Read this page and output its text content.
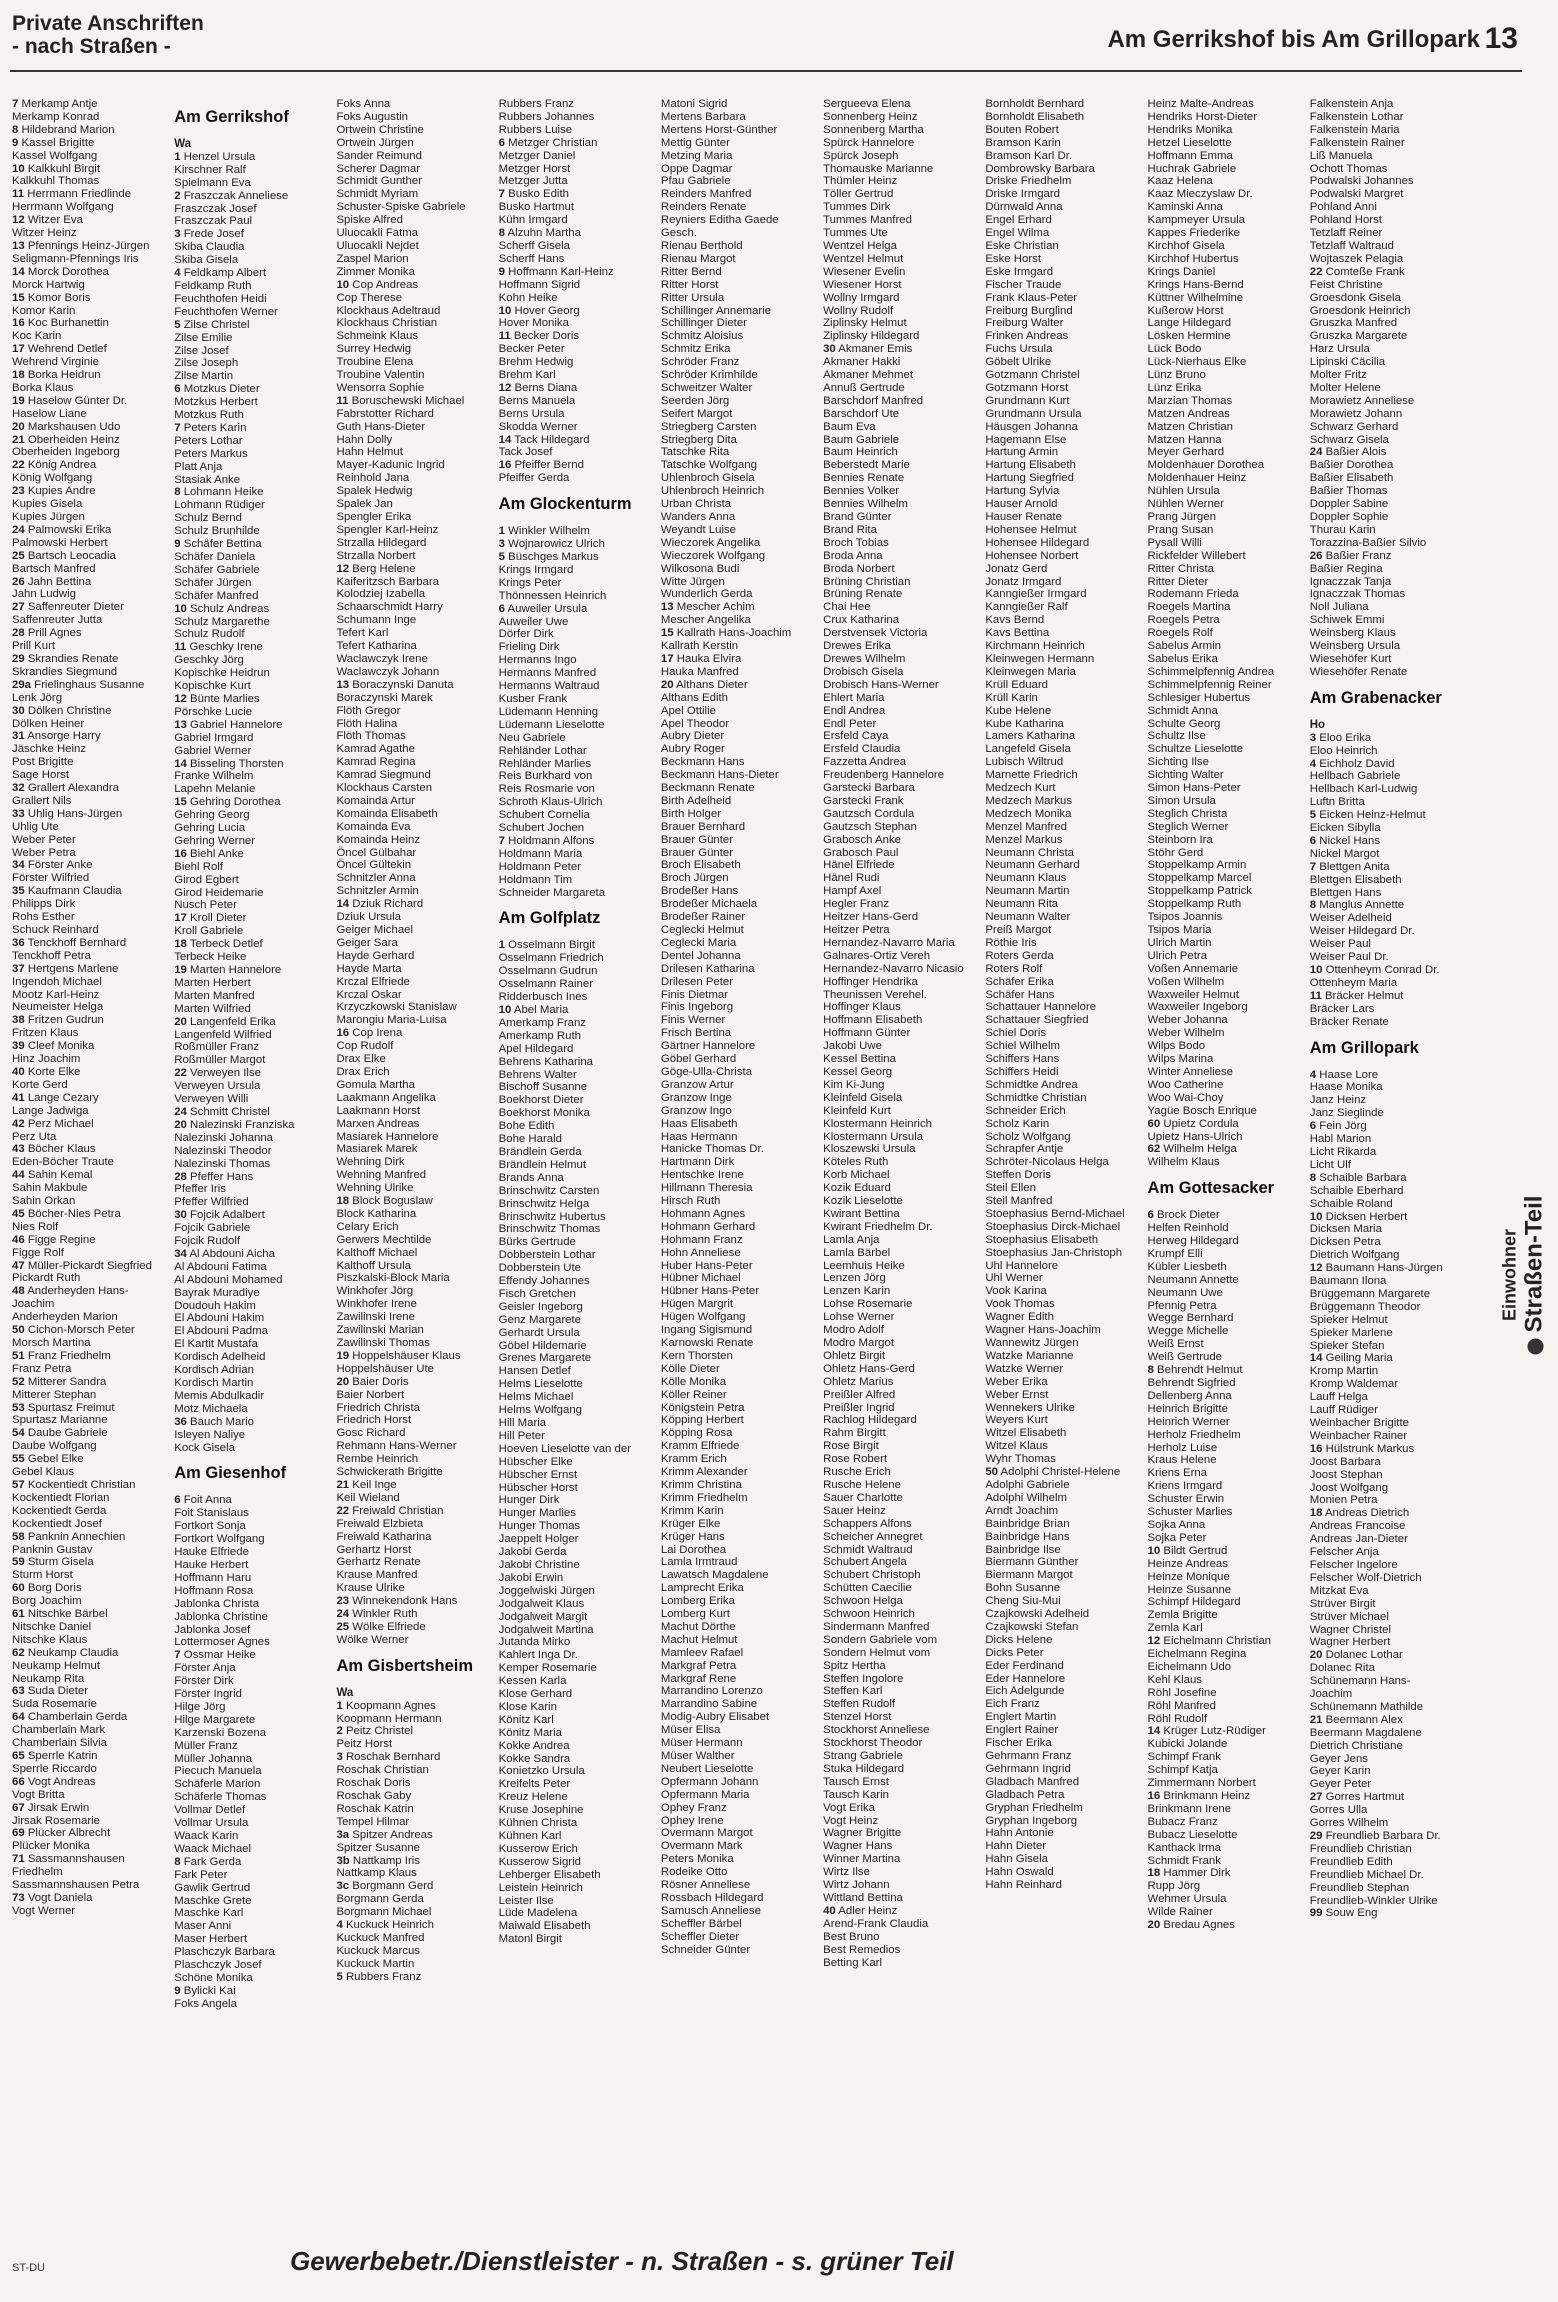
Private Anschriften
- nach Straßen -	Am Gerrikshof bis Am Grillopark 13
7 Merkamp Antje
Merkamp Konrad
8 Hildebrand Marion
9 Kassel Brigitte
Kassel Wolfgang
10 Kalkkuhl Birgit
Kalkkuhl Thomas
11 Herrmann Friedlinde
Herrmann Wolfgang
12 Witzer Eva
Witzer Heinz
13 Pfennings Heinz-Jürgen
Seligmann-Pfennings Iris
14 Morck Dorothea
Morck Hartwig
15 Komor Boris
Komor Karin
16 Koc Burhanettin
Koc Karin
17 Wehrend Detlef
Wehrend Virginie
18 Borka Heidrun
Borka Klaus
19 Haselow Günter Dr.
Haselow Liane
20 Markshausen Udo
21 Oberheiden Heinz
Oberheiden Ingeborg
22 König Andrea
König Wolfgang
23 Kupies Andre
Kupies Gisela
Kupies Jürgen
24 Palmowski Erika
Palmowski Herbert
25 Bartsch Leocadia
Bartsch Manfred
26 Jahn Bettina
Jahn Ludwig
27 Saffenreuter Dieter
Saffenreuter Jutta
28 Prill Agnes
Prill Kurt
29 Skrandies Renate
Skrandies Siegmund
29a Frielinghaus Susanne
Lenk Jörg
30 Dölken Christine
Dölken Heiner
31 Ansorge Harry
Jäschke Heinz
Post Brigitte
Sage Horst
32 Grallert Alexandra
Grallert Nils
33 Uhlig Hans-Jürgen
Uhlig Ute
Weber Peter
Weber Petra
34 Förster Anke
Förster Wilfried
35 Kaufmann Claudia
Philipps Dirk
Rohs Esther
Schuck Reinhard
36 Tenckhoff Bernhard
Tenckhoff Petra
37 Hertgens Marlene
Ingendoh Michael
Mootz Karl-Heinz
Neumeister Helga
38 Fritzen Gudrun
Fritzen Klaus
39 Cleef Monika
Hinz Joachim
40 Korte Elke
Korte Gerd
41 Lange Cezary
Lange Jadwiga
42 Perz Michael
Perz Uta
43 Böcher Klaus
Eden-Böcher Traute
44 Sahin Kemal
Sahin Makbule
Sahin Orkan
45 Böcher-Nies Petra
Nies Rolf
46 Figge Regine
Figge Rolf
47 Müller-Pickardt Siegfried
Pickardt Ruth
48 Anderheyden Hans-
Joachim
Anderheyden Marion
50 Cichon-Morsch Peter
Morsch Martina
51 Franz Friedhelm
Franz Petra
52 Mitterer Sandra
Mitterer Stephan
53 Spurtasz Freimut
Spurtasz Marianne
54 Daube Gabriele
Daube Wolfgang
55 Gebel Elke
Gebel Klaus
57 Kockentiedt Christian
Kockentiedt Florian
Kockentiedt Gerda
Kockentiedt Josef
58 Panknin Annechien
Panknin Gustav
59 Sturm Gisela
Sturm Horst
60 Borg Doris
Borg Joachim
61 Nitschke Bärbel
Nitschke Daniel
Nitschke Klaus
62 Neukamp Claudia
Neukamp Helmut
Neukamp Rita
63 Suda Dieter
Suda Rosemarie
64 Chamberlain Gerda
Chamberlain Mark
Chamberlain Silvia
65 Sperrle Katrin
Sperrle Riccardo
66 Vogt Andreas
Vogt Britta
67 Jirsak Erwin
Jirsak Rosemarie
69 Plücker Albrecht
Plücker Monika
71 Sassmannshausen
Friedhelm
Sassmannshausen Petra
73 Vogt Daniela
Vogt Werner
Am Gerrikshof
Wa
1 Henzel Ursula
Kirschner Ralf
Spielmann Eva
2 Fraszczak Anneliese
Fraszczak Josef
Fraszczak Paul
3 Frede Josef
Skiba Claudia
Skiba Gisela
4 Feldkamp Albert
Feldkamp Ruth
Feuchthofen Heidi
Feuchthofen Werner
5 Zilse Christel
Zilse Emilie
Zilse Josef
Zilse Joseph
Zilse Martin
6 Motzkus Dieter
Motzkus Herbert
Motzkus Ruth
7 Peters Karin
Peters Lothar
Peters Markus
Platt Anja
Stasiak Anke
8 Lohmann Heike
Lohmann Rüdiger
Schulz Bernd
Schulz Brunhilde
9 Schäfer Bettina
Schäfer Daniela
Schäfer Gabriele
Schäfer Jürgen
Schäfer Manfred
10 Schulz Andreas
Schulz Margarethe
Schulz Rudolf
11 Geschky Irene
Geschky Jörg
Kopischke Heidrun
Kopischke Kurt
12 Bünte Marlies
Pörschke Lucie
13 Gabriel Hannelore
Gabriel Irmgard
Gabriel Werner
14 Bisseling Thorsten
Franke Wilhelm
Lapehn Melanie
15 Gehring Dorothea
Gehring Georg
Gehring Lucia
Gehring Werner
16 Biehl Anke
Biehl Rolf
Girod Egbert
Girod Heidemarie
Nusch Peter
17 Kroll Dieter
Kroll Gabriele
18 Terbeck Detlef
Terbeck Heike
19 Marten Hannelore
Marten Herbert
Marten Manfred
Marten Wilfried
20 Langenfeld Erika
Langenfeld Wilfried
Roßmüller Franz
Roßmüller Margot
22 Verweyen Ilse
Verweyen Ursula
Verweyen Willi
24 Schmitt Christel
20 Nalezinski Franziska
Nalezinski Johanna
Nalezinski Theodor
Nalezinski Thomas
28 Pfeffer Hans
Pfeffer Iris
Pfeffer Wilfried
30 Fojcik Adalbert
Fojcik Gabriele
Fojcik Rudolf
34 Al Abdouni Aicha
Al Abdouni Fatima
Al Abdouni Mohamed
Bayrak Muradiye
Doudouh Hakim
El Abdouni Hakim
El Abdouni Padma
El Kartit Mustafa
Kordisch Adelheid
Kordisch Adrian
Kordisch Martin
Memis Abdulkadir
Motz Michaela
36 Bauch Mario
Isleyen Naliye
Kock Gisela
Am Giesenhof
6 Foit Anna
Foit Stanislaus
Fortkort Sonja
Fortkort Wolfgang
Hauke Elfriede
Hauke Herbert
Hoffmann Haru
Hoffmann Rosa
Jablonka Christa
Jablonka Christine
Jablonka Josef
Lottermoser Agnes
7 Ossmar Heike
Förster Anja
Förster Dirk
Förster Ingrid
Hilge Jörg
Hilge Margarete
Karzenski Bozena
Müller Franz
Müller Johanna
Piecuch Manuela
Schäferle Marion
Schäferle Thomas
Vollmar Detlef
Vollmar Ursula
Waack Karin
Waack Michael
8 Fark Gerda
Fark Peter
Gawlik Gertrud
Maschke Grete
Maschke Karl
Maser Anni
Maser Herbert
Plaschczyk Barbara
Plaschczyk Josef
Schöne Monika
9 Bylicki Kai
Foks Angela
Foks Anna
Foks Augustin
Ortwein Christine
Ortwein Jürgen
Sander Reimund
Scherer Dagmar
Schmidt Gunther
Schmidt Myriam
Schuster-Spiske Gabriele
Spiske Alfred
Uluocakli Fatma
Uluocakli Nejdet
Zaspel Marion
Zimmer Monika
10 Cop Andreas
Cop Therese
Klockhaus Adeltraud
Klockhaus Christian
Schmeink Klaus
Surrey Hedwig
Troubine Elena
Troubine Valentin
Wensorra Sophie
11 Boruschewski Michael
Fabrstotter Richard
Guth Hans-Dieter
Hahn Dolly
Hahn Helmut
Mayer-Kadunic Ingrid
Reinhold Jana
Spalek Hedwig
Spalek Jan
Spengler Erika
Spengler Karl-Heinz
Strzalla Hildegard
Strzalla Norbert
12 Berg Helene
Kaiferitzsch Barbara
Kolodziej Izabella
Schaarschmidt Harry
Schumann Inge
Tefert Karl
Tefert Katharina
Waclawczyk Irene
Waclawczyk Johann
13 Boraczynski Danuta
Boraczynski Marek
Flöth Gregor
Flöth Halina
Flöth Thomas
Kamrad Agathe
Kamrad Regina
Kamrad Siegmund
Klockhaus Carsten
Komainda Artur
Komainda Elisabeth
Komainda Eva
Komainda Heinz
Öncel Gülbahar
Öncel Gültekin
Schnitzler Anna
Schnitzler Armin
14 Dziuk Richard
Dziuk Ursula
Geiger Michael
Geiger Sara
Hayde Gerhard
Hayde Marta
Krczal Elfriede
Krczal Oskar
Krzyczkowski Stanislaw
Marongiu Maria-Luisa
16 Cop Irena
Cop Rudolf
Drax Elke
Drax Erich
Gomula Martha
Laakmann Angelika
Laakmann Horst
Marxen Andreas
Masiarek Hannelore
Masiarek Marek
Wehning Dirk
Wehning Manfred
Wehning Ulrike
18 Block Boguslaw
Block Katharina
Celary Erich
Gerwers Mechtilde
Kalthoff Michael
Kalthoff Ursula
Piszkalski-Block Maria
Winkhofer Jörg
Winkhofer Irene
Zawilinski Irene
Zawilinski Marian
Zawilinski Thomas
19 Hoppelshäuser Klaus
Hoppelshäuser Ute
20 Baier Doris
Baier Norbert
Friedrich Christa
Friedrich Horst
Gosc Richard
Rehmann Hans-Werner
Rembe Heinrich
Schwickerath Brigitte
21 Keil Inge
Keil Wieland
22 Freiwald Christian
Freiwald Elzbieta
Freiwald Katharina
Gerhartz Horst
Gerhartz Renate
Krause Manfred
Krause Ulrike
23 Winnekendonk Hans
24 Winkler Ruth
25 Wölke Elfriede
Wölke Werner
Am Gisbertsheim
Wa
1 Koopmann Agnes
Koopmann Hermann
2 Peitz Christel
Peitz Horst
3 Roschak Bernhard
Roschak Christian
Roschak Doris
Roschak Gaby
Roschak Katrin
Tempel Hilmar
3a Spitzer Andreas
Spitzer Susanne
3b Nattkamp Iris
Nattkamp Klaus
3c Borgmann Gerd
Borgmann Gerda
Borgmann Michael
4 Kuckuck Heinrich
Kuckuck Manfred
Kuckuck Marcus
Kuckuck Martin
5 Rubbers Franz
Rubbers Franz
Rubbers Johannes
Rubbers Luise
6 Metzger Christian
Metzger Daniel
Metzger Horst
Metzger Jutta
7 Busko Edith
Busko Hartmut
Kühn Irmgard
8 Alzuhn Martha
Scherff Gisela
Scherff Hans
9 Hoffmann Karl-Heinz
Hoffmann Sigrid
Kohn Heike
10 Hover Georg
Hover Monika
11 Becker Doris
Becker Peter
Brehm Hedwig
Brehm Karl
12 Berns Diana
Berns Manuela
Berns Ursula
Skodda Werner
14 Tack Hildegard
Tack Josef
16 Pfeiffer Bernd
Pfeiffer Gerda
Am Glockenturm
1 Winkler Wilhelm
3 Wojnarowicz Ulrich
5 Büschges Markus
Krings Irmgard
Krings Peter
Thönnessen Heinrich
6 Auweiler Ursula
Auweiler Uwe
Dörfer Dirk
Frieling Dirk
Hermanns Ingo
Hermanns Manfred
Hermanns Waltraud
Kusber Frank
Lüdemann Henning
Lüdemann Lieselotte
Neu Gabriele
Rehländer Lothar
Rehländer Marlies
Reis Burkhard von
Reis Rosmarie von
Schroth Klaus-Ulrich
Schubert Cornelia
Schubert Jochen
7 Holdmann Alfons
Holdmann Maria
Holdmann Peter
Holdmann Tim
Schneider Margareta
Am Golfplatz
1 Osselmann Birgit
Osselmann Friedrich
Osselmann Gudrun
Osselmann Rainer
Ridderbusch Ines
10 Abel Maria
Amerkamp Franz
Amerkamp Ruth
Apel Hildegard
Behrens Katharina
Behrens Walter
Bischoff Susanne
Boekhorst Dieter
Boekhorst Monika
Bohe Edith
Bohe Harald
Brändlein Gerda
Brändlein Helmut
Brands Anna
Brinschwitz Carsten
Brinschwitz Helga
Brinschwitz Hubertus
Brinschwitz Thomas
Bürks Gertrude
Dobberstein Lothar
Dobberstein Ute
Effendy Johannes
Fisch Gretchen
Geisler Ingeborg
Genz Margarete
Gerhardt Ursula
Göbel Hildemarie
Grenes Margarete
Hansen Detlef
Helms Lieselotte
Helms Michael
Helms Wolfgang
Hill Maria
Hill Peter
Hoeven Lieselotte van der
Hübscher Elke
Hübscher Ernst
Hübscher Horst
Hunger Dirk
Hunger Marlies
Hunger Thomas
Jaeppelt Holger
Jakobi Gerda
Jakobi Christine
Jakobi Erwin
Joggelwiski Jürgen
Jodgalweit Klaus
Jodgalweit Margit
Jodgalweit Martina
Jutanda Mirko
Kahlert Inga Dr.
Kemper Rosemarie
Kessen Karla
Klose Gerhard
Klose Karin
Könitz Karl
Könitz Maria
Kokke Andrea
Kokke Sandra
Konietzko Ursula
Kreifelts Peter
Kreuz Helene
Kruse Josephine
Kühnen Christa
Kühnen Karl
Kusserow Erich
Kusserow Sigrid
Lehberger Elisabeth
Leistein Heinrich
Leister Ilse
Lüde Madelena
Maiwald Elisabeth
Matonl Birgit
Matoni Sigrid
Mertens Barbara
Mertens Horst-Günther
Mettig Günter
Metzing Maria
Oppe Dagmar
Pfau Gabriele
Reinders Manfred
Reinders Renate
Reyniers Editha Gaede
Gesch.
Rienau Berthold
Rienau Margot
Ritter Bernd
Ritter Horst
Ritter Ursula
Schillinger Annemarie
Schillinger Dieter
Schmitz Aloisius
Schmitz Erika
Schröder Franz
Schröder Krimhilde
Schweitzer Walter
Seerden Jörg
Seifert Margot
Striegberg Carsten
Striegberg Dita
Tatschke Rita
Tatschke Wolfgang
Uhlenbroch Gisela
Uhlenbroch Heinrich
Urban Christa
Wanders Anna
Weyandt Luise
Wieczorek Angelika
Wieczorek Wolfgang
Wilkosona Budi
Witte Jürgen
Wunderlich Gerda
13 Mescher Achim
Mescher Angelika
15 Kallrath Hans-Joachim
Kallrath Kerstin
17 Hauka Elvira
Hauka Manfred
20 Althans Dieter
Althans Edith
Apel Ottilie
Apel Theodor
Aubry Dieter
Aubry Roger
Beckmann Hans
Beckmann Hans-Dieter
Beckmann Renate
Birth Adelheid
Birth Holger
Brauer Bernhard
Brauer Günter
Brauer Günter
Broch Elisabeth
Broch Jürgen
Brodeßer Hans
Brodeßer Michaela
Brodeßer Rainer
Ceglecki Helmut
Ceglecki Maria
Dentel Johanna
Drilesen Katharina
Drilesen Peter
Finis Dietmar
Finis Ingeborg
Finis Werner
Frisch Bertina
Gärtner Hannelore
Göbel Gerhard
Göge-Ulla-Christa
Granzow Artur
Granzow Inge
Granzow Ingo
Haas Elisabeth
Haas Hermann
Hanicke Thomas Dr.
Hartmann Dirk
Hentschke Irene
Hillmann Theresia
Hirsch Ruth
Hohmann Agnes
Hohmann Gerhard
Hohmann Franz
Hohn Anneliese
Huber Hans-Peter
Hübner Michael
Hübner Hans-Peter
Hügen Margrit
Hügen Wolfgang
Ingang Sigismund
Karnowski Renate
Kern Thorsten
Kölle Dieter
Kölle Monika
Köller Reiner
Königstein Petra
Köpping Herbert
Köpping Rosa
Kramm Elfriede
Kramm Erich
Krimm Alexander
Krimm Christina
Krimm Friedhelm
Krimm Karin
Krüger Elke
Krüger Hans
Lai Dorothea
Lamla Irmtraud
Lawatsch Magdalene
Lamprecht Erika
Lomberg Erika
Lomberg Kurt
Machut Dörthe
Machut Helmut
Mamleev Rafael
Markgraf Petra
Markgraf Rene
Marrandino Lorenzo
Marrandino Sabine
Modig-Aubry Elisabet
Müser Elisa
Müser Hermann
Müser Walther
Neubert Lieselotte
Opfermann Johann
Opfermann Maria
Ophey Franz
Ophey Irene
Overmann Margot
Overmann Mark
Peters Monika
Rodeike Otto
Rösner Anneliese
Rossbach Hildegard
Samusch Anneliese
Scheffler Bärbel
Scheffler Dieter
Schneider Günter
Sergueeva Elena
Sonnenberg Heinz
Sonnenberg Martha
Spürck Hannelore
Spürck Joseph
Thomauske Marianne
Thümler Heinz
Töller Gertrud
Tummes Dirk
Tummes Manfred
Tummes Ute
Wentzel Helga
Wentzel Helmut
Wiesener Evelin
Wiesener Horst
Wollny Irmgard
Wollny Rudolf
Ziplinsky Helmut
Ziplinsky Hildegard
30 Akmaner Emis
Akmaner Hakki
Akmaner Mehmet
Annuß Gertrude
Barschdorf Manfred
Barschdorf Ute
Baum Eva
Baum Gabriele
Baum Heinrich
Beberstedt Marie
Bennies Renate
Bennies Volker
Bennies Wilhelm
Brand Günter
Brand Rita
Broch Tobias
Broda Anna
Broda Norbert
Brüning Christian
Brüning Renate
Chai Hee
Crux Katharina
Derstvensek Victoria
Drewes Erika
Drewes Wilhelm
Drobisch Gisela
Drobisch Hans-Werner
Ehlert Maria
Endl Andrea
Endl Peter
Ersfeld Caya
Ersfeld Claudia
Fazzetta Andrea
Freudenberg Hannelore
Garstecki Barbara
Garstecki Frank
Gautzsch Cordula
Gautzsch Stephan
Grabosch Anke
Grabosch Paul
Hänel Elfriede
Hänel Rudi
Hampf Axel
Hegler Franz
Heitzer Hans-Gerd
Heitzer Petra
Hernandez-Navarro Maria
Galnares-Ortiz Vereh
Hernandez-Navarro Nicasio
Hoffinger Hendrika
Theunissen Verehel.
Hoffinger Klaus
Hoffmann Elisabeth
Hoffmann Günter
Jakobi Uwe
Kessel Bettina
Kessel Georg
Kim Ki-Jung
Kleinfeld Gisela
Kleinfeld Kurt
Klostermann Heinrich
Klostermann Ursula
Kloszewski Ursula
Köteles Ruth
Korb Michael
Kozik Eduard
Kozik Lieselotte
Kwirant Bettina
Kwirant Friedhelm Dr.
Lamla Anja
Lamla Bärbel
Leemhuis Heike
Lenzen Jörg
Lenzen Karin
Lohse Rosemarie
Lohse Werner
Modro Adolf
Modro Margot
Ohletz Birgit
Ohletz Hans-Gerd
Ohletz Marius
Preißler Alfred
Preißler Ingrid
Rachlog Hildegard
Rahm Birgitt
Rose Birgit
Rose Robert
Rusche Erich
Rusche Helene
Sauer Charlotte
Sauer Heinz
Schappers Alfons
Scheicher Annegret
Schmidt Waltraud
Schubert Angela
Schubert Christoph
Schütten Caecilie
Schwoon Helga
Schwoon Heinrich
Sindermann Manfred
Sondern Gabriele vom
Sondern Helmut vom
Spitz Hertha
Steffen Ingolore
Steffen Karl
Steffen Rudolf
Stenzel Horst
Stockhorst Anneliese
Stockhorst Theodor
Strang Gabriele
Stuka Hildegard
Tausch Ernst
Tausch Karin
Vogt Erika
Vogt Heinz
Wagner Brigitte
Wagner Hans
Winner Martina
Wirtz Ilse
Wirtz Johann
Wittland Bettina
40 Adler Heinz
Arend-Frank Claudia
Best Bruno
Best Remedios
Betting Karl
Bornholdt Bernhard
Bornholdt Elisabeth
Bouten Robert
Bramson Karin
Bramson Karl Dr.
Dombrowsky Barbara
Driske Friedhelm
Driske Irmgard
Dürnwald Anna
Engel Erhard
Engel Wilma
Eske Christian
Eske Horst
Eske Irmgard
Fischer Traude
Frank Klaus-Peter
Freiburg Burglind
Freiburg Walter
Frinken Andreas
Fuchs Ursula
Göbelt Ulrike
Gotzmann Christel
Gotzmann Horst
Grundmann Kurt
Grundmann Ursula
Häusgen Johanna
Hagemann Else
Hartung Armin
Hartung Elisabeth
Hartung Siegfried
Hartung Sylvia
Hauser Arnold
Hauser Renate
Hohensee Helmut
Hohensee Hildegard
Hohensee Norbert
Jonatz Gerd
Jonatz Irmgard
Kanngießer Irmgard
Kanngießer Ralf
Kavs Bernd
Kavs Bettina
Kirchmann Heinrich
Kleinwegen Hermann
Kleinwegen Maria
Krüll Eduard
Krüll Karin
Kube Helene
Kube Katharina
Lamers Katharina
Langefeld Gisela
Lubisch Wiltrud
Marnette Friedrich
Medzech Kurt
Medzech Markus
Medzech Monika
Menzel Manfred
Menzel Markus
Neumann Christa
Neumann Gerhard
Neumann Klaus
Neumann Martin
Neumann Rita
Neumann Walter
Preiß Margot
Röthie Iris
Roters Gerda
Roters Rolf
Schäfer Erika
Schäfer Hans
Schattauer Hannelore
Schattauer Siegfried
Schiel Doris
Schiel Wilhelm
Schiffers Hans
Schiffers Heidi
Schmidtke Andrea
Schmidtke Christian
Schneider Erich
Scholz Karin
Scholz Wolfgang
Schrapfer Antje
Schröter-Nicolaus Helga
Steffen Doris
Steil Ellen
Steil Manfred
Stoephasius Bernd-Michael
Stoephasius Dirck-Michael
Stoephasius Elisabeth
Stoephasius Jan-Christoph
Uhl Hannelore
Uhl Werner
Vook Karina
Vook Thomas
Wagner Edith
Wagner Hans-Joachim
Wannewitz Jürgen
Watzke Marianne
Watzke Werner
Weber Erika
Weber Ernst
Wennekers Ulrike
Weyers Kurt
Witzel Elisabeth
Witzel Klaus
Wyhr Thomas
50 Adolphi Christel-Helene
Adolphi Gabriele
Adolphi Wilhelm
Arndt Joachim
Bainbridge Brian
Bainbridge Hans
Bainbridge Ilse
Biermann Günther
Biermann Margot
Bohn Susanne
Cheng Siu-Mui
Czajkowski Adelheid
Czajkowski Stefan
Dicks Helene
Dicks Peter
Eder Ferdinand
Eder Hannelore
Eich Adelgunde
Eich Franz
Englert Martin
Englert Rainer
Fischer Erika
Gehrmann Franz
Gehrmann Ingrid
Gladbach Manfred
Gladbach Petra
Gryphan Friedhelm
Gryphan Ingeborg
Hahn Antonie
Hahn Dieter
Hahn Gisela
Hahn Oswald
Hahn Reinhard
Heinz Malte-Andreas
Hendriks Horst-Dieter
Hendriks Monika
Hetzel Lieselotte
Hoffmann Emma
Huchrak Gabriele
Kaaz Helena
Kaaz Mieczyslaw Dr.
Kaminski Anna
Kampmeyer Ursula
Kappes Friederike
Kirchhof Gisela
Kirchhof Hubertus
Krings Daniel
Krings Hans-Bernd
Küttner Wilhelmine
Kußerow Horst
Lange Hildegard
Lösken Hermine
Lück Bodo
Lück-Nierhaus Elke
Lünz Bruno
Lünz Erika
Marzian Thomas
Matzen Andreas
Matzen Christian
Matzen Hanna
Meyer Gerhard
Moldenhauer Dorothea
Moldenhauer Heinz
Nühlen Ursula
Nühlen Werner
Prang Jürgen
Prang Susan
Pysall Willi
Rickfelder Willebert
Ritter Christa
Ritter Dieter
Rodemann Frieda
Roegels Martina
Roegels Petra
Roegels Rolf
Sabelus Armin
Sabelus Erika
Schimmelpfennig Andrea
Schimmelpfennig Reiner
Schlesiger Hubertus
Schmidt Anna
Schulte Georg
Schultz Ilse
Schultze Lieselotte
Sichting Ilse
Sichting Walter
Simon Hans-Peter
Simon Ursula
Steglich Christa
Steglich Werner
Steinborn Ira
Stöhr Gerd
Stoppelkamp Armin
Stoppelkamp Marcel
Stoppelkamp Patrick
Stoppelkamp Ruth
Tsipos Joannis
Tsipos Maria
Ulrich Martin
Ulrich Petra
Voßen Annemarie
Voßen Wilhelm
Waxweiler Helmut
Waxweiler Ingeborg
Weber Johanna
Weber Wilhelm
Wilps Bodo
Wilps Marina
Winter Anneliese
Woo Catherine
Woo Wai-Choy
Yagüe Bosch Enrique
60 Upietz Cordula
Upietz Hans-Ulrich
62 Wilhelm Helga
Wilhelm Klaus
Am Gottesacker
6 Brock Dieter
Helfen Reinhold
Herweg Hildegard
Krumpf Elli
Kübler Liesbeth
Neumann Annette
Neumann Uwe
Pfennig Petra
Wegge Bernhard
Wegge Michelle
Weiß Ernst
Weiß Gertrude
8 Behrendt Helmut
Behrendt Sigfried
Dellenberg Anna
Heinrich Brigitte
Heinrich Werner
Herholz Friedhelm
Herholz Luise
Kraus Helene
Kriens Erna
Kriens Irmgard
Schuster Erwin
Schuster Marlies
Sojka Anna
Sojka Peter
10 Bildt Gertrud
Heinze Andreas
Heinze Monique
Heinze Susanne
Schimpf Hildegard
Zemla Brigitte
Zemla Karl
12 Eichelmann Christian
Eichelmann Regina
Eichelmann Udo
Kehl Klaus
Röhl Josefine
Röhl Manfred
Röhl Rudolf
14 Krüger Lutz-Rüdiger
Kubicki Jolande
Schimpf Frank
Schimpf Katja
Zimmermann Norbert
16 Brinkmann Heinz
Brinkmann Irene
Bubacz Franz
Bubacz Lieselotte
Kanthack Irma
Schmidt Frank
18 Hammer Dirk
Rupp Jörg
Wehmer Ursula
Wilde Rainer
20 Bredau Agnes
Falkenstein Anja
Falkenstein Lothar
Falkenstein Maria
Falkenstein Rainer
Liß Manuela
Ochott Thomas
Podwalski Johannes
Podwalski Margret
Pohland Anni
Pohland Horst
Tetzlaff Reiner
Tetzlaff Waltraud
Wojtaszek Pelagia
22 Comteße Frank
Feist Christine
Groesdonk Gisela
Groesdonk Heinrich
Gruszka Manfred
Gruszka Margarete
Harz Ursula
Lipinski Cäcilia
Molter Fritz
Molter Helene
Morawietz Anneliese
Morawietz Johann
Schwarz Gerhard
Schwarz Gisela
24 Baßier Alois
Baßier Dorothea
Baßier Elisabeth
Baßier Thomas
Doppler Sabine
Doppler Sophie
Thurau Karin
Torazzina-Baßier Silvio
26 Baßier Franz
Baßier Regina
Ignaczzak Tanja
Ignaczzak Thomas
Noll Juliana
Schiwek Emmi
Weinsberg Klaus
Weinsberg Ursula
Wiesehöfer Kurt
Wiesehöfer Renate
Am Grabenacker
Ho
3 Eloo Erika
Eloo Heinrich
4 Eichholz David
Hellbach Gabriele
Hellbach Karl-Ludwig
Luftn Britta
5 Eicken Heinz-Helmut
Eicken Sibylla
6 Nickel Hans
Nickel Margot
7 Blettgen Anita
Blettgen Elisabeth
Blettgen Hans
8 Manglus Annette
Weiser Adelheid
Weiser Hildegard Dr.
Weiser Paul
Weiser Paul Dr.
10 Ottenheym Conrad Dr.
Ottenheym Maria
11 Bräcker Helmut
Bräcker Lars
Bräcker Renate
Am Grillopark
4 Haase Lore
Haase Monika
Janz Heinz
Janz Sieglinde
6 Fein Jörg
Habl Marion
Licht Rikarda
Licht Ulf
8 Schaible Barbara
Schaible Eberhard
Schaible Roland
10 Dicksen Herbert
Dicksen Maria
Dicksen Petra
Dietrich Wolfgang
12 Baumann Hans-Jürgen
Baumann Ilona
Brüggemann Margarete
Brüggemann Theodor
Spieker Helmut
Spieker Marlene
Spieker Stefan
14 Geiling Maria
Kromp Martin
Kromp Waldemar
Lauff Helga
Lauff Rüdiger
Weinbacher Brigitte
Weinbacher Rainer
16 Hülstrunk Markus
Joost Barbara
Joost Stephan
Joost Wolfgang
Monien Petra
18 Andreas Dietrich
Andreas Francoise
Andreas Jan-Dieter
Felscher Anja
Felscher Ingelore
Felscher Wolf-Dietrich
Mitzkat Eva
Strüver Birgit
Strüver Michael
Wagner Christel
Wagner Herbert
20 Dolanec Lothar
Dolanec Rita
Schünemann Hans-
Joachim
Schünemann Mathilde
21 Beermann Alex
Beermann Magdalene
Dietrich Christiane
Geyer Jens
Geyer Karin
Geyer Peter
27 Gorres Hartmut
Gorres Ulla
Gorres Wilhelm
29 Freundlieb Barbara Dr.
Freundlieb Christian
Freundlieb Edith
Freundlieb Michael Dr.
Freundlieb Stephan
Freundlieb-Winkler Ulrike
99 Souw Eng
Einwohner Straßen-Teil
ST-DU	Gewerbebetr./Dienstleister - n. Straßen - s. grüner Teil
